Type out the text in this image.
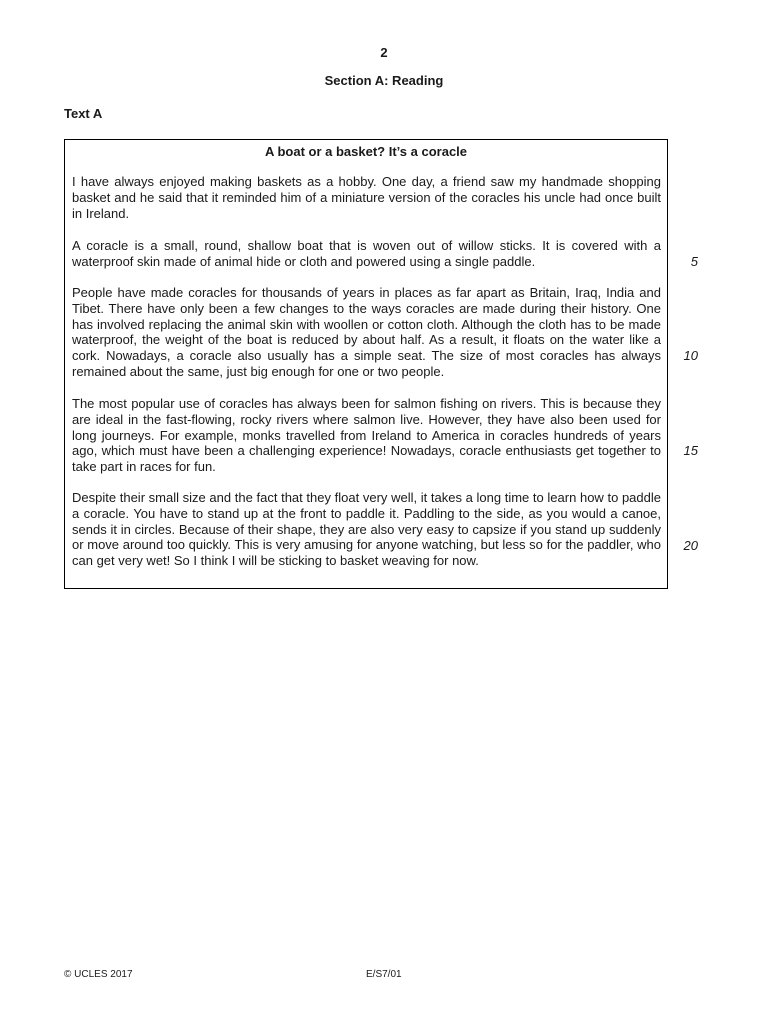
2
Section A: Reading
Text A
A boat or a basket? It’s a coracle

I have always enjoyed making baskets as a hobby. One day, a friend saw my handmade shopping basket and he said that it reminded him of a miniature version of the coracles his uncle had once built in Ireland.

A coracle is a small, round, shallow boat that is woven out of willow sticks. It is covered with a waterproof skin made of animal hide or cloth and powered using a single paddle.

People have made coracles for thousands of years in places as far apart as Britain, Iraq, India and Tibet. There have only been a few changes to the ways coracles are made during their history. One has involved replacing the animal skin with woollen or cotton cloth. Although the cloth has to be made waterproof, the weight of the boat is reduced by about half. As a result, it floats on the water like a cork. Nowadays, a coracle also usually has a simple seat. The size of most coracles has always remained about the same, just big enough for one or two people.

The most popular use of coracles has always been for salmon fishing on rivers. This is because they are ideal in the fast-flowing, rocky rivers where salmon live. However, they have also been used for long journeys. For example, monks travelled from Ireland to America in coracles hundreds of years ago, which must have been a challenging experience! Nowadays, coracle enthusiasts get together to take part in races for fun.

Despite their small size and the fact that they float very well, it takes a long time to learn how to paddle a coracle. You have to stand up at the front to paddle it. Paddling to the side, as you would a canoe, sends it in circles. Because of their shape, they are also very easy to capsize if you stand up suddenly or move around too quickly. This is very amusing for anyone watching, but less so for the paddler, who can get very wet! So I think I will be sticking to basket weaving for now.

5
10
15
20
© UCLES 2017	E/S7/01
